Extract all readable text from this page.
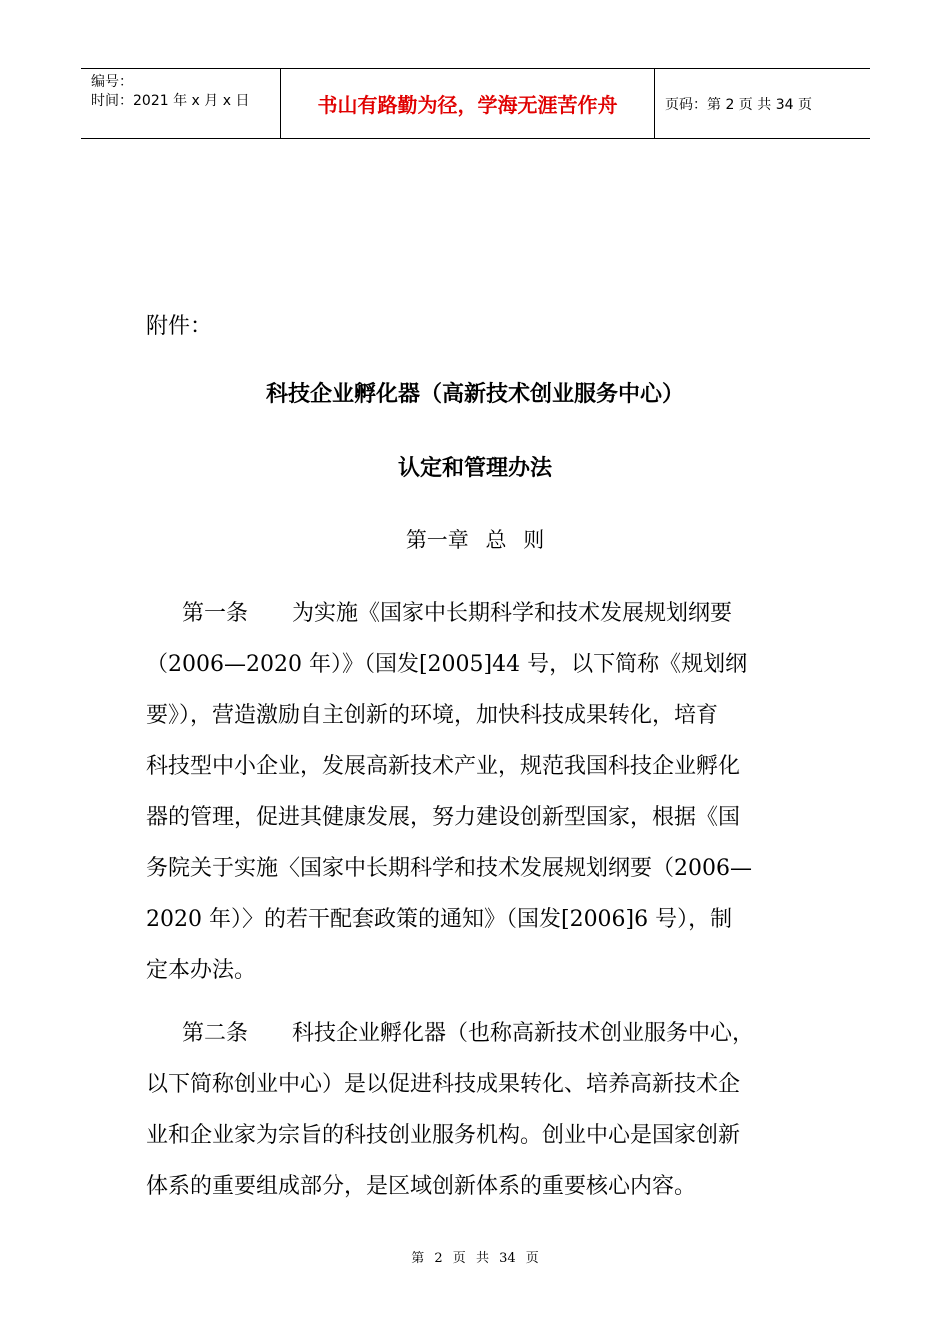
编号：
时间：2021 年 x 月 x 日	书山有路勤为径，学海无涯苦作舟	页码：第 2 页 共 34 页
附件：
科技企业孵化器（高新技术创业服务中心）
认定和管理办法
第一章 总 则
第一条 为实施《国家中长期科学和技术发展规划纲要
（2006—2020 年）》（国发[2005]44 号，以下简称《规划纲
要》），营造激励自主创新的环境，加快科技成果转化，培育
科技型中小企业，发展高新技术产业，规范我国科技企业孵化
器的管理，促进其健康发展，努力建设创新型国家，根据《国
务院关于实施〈国家中长期科学和技术发展规划纲要（2006—
2020 年）〉的若干配套政策的通知》（国发[2006]6 号），制
定本办法。
第二条 科技企业孵化器（也称高新技术创业服务中心，
以下简称创业中心）是以促进科技成果转化、培养高新技术企
业和企业家为宗旨的科技创业服务机构。创业中心是国家创新
体系的重要组成部分，是区域创新体系的重要核心内容。
第 2 页 共 34 页
